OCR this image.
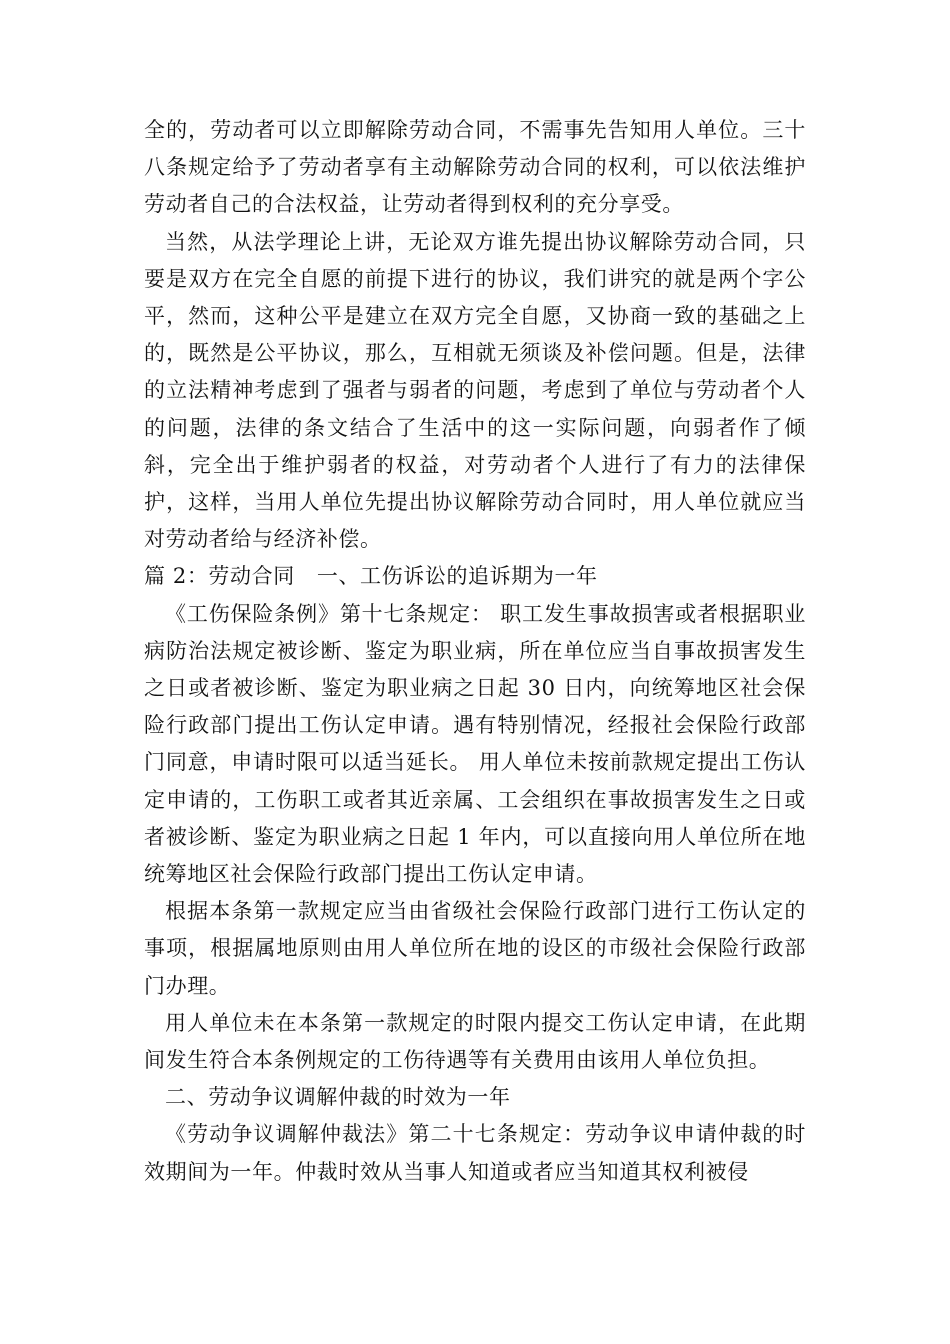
全的，劳动者可以立即解除劳动合同，不需事先告知用人单位。三十八条规定给予了劳动者享有主动解除劳动合同的权利，可以依法维护劳动者自己的合法权益，让劳动者得到权利的充分享受。

当然，从法学理论上讲，无论双方谁先提出协议解除劳动合同，只要是双方在完全自愿的前提下进行的协议，我们讲究的就是两个字公平，然而，这种公平是建立在双方完全自愿，又协商一致的基础之上的，既然是公平协议，那么，互相就无须谈及补偿问题。但是，法律的立法精神考虑到了强者与弱者的问题，考虑到了单位与劳动者个人的问题，法律的条文结合了生活中的这一实际问题，向弱者作了倾斜，完全出于维护弱者的权益，对劳动者个人进行了有力的法律保护，这样，当用人单位先提出协议解除劳动合同时，用人单位就应当对劳动者给与经济补偿。

篇 2：劳动合同 一、工伤诉讼的追诉期为一年

《工伤保险条例》第十七条规定： 职工发生事故损害或者根据职业病防治法规定被诊断、鉴定为职业病，所在单位应当自事故损害发生之日或者被诊断、鉴定为职业病之日起 30 日内，向统筹地区社会保险行政部门提出工伤认定申请。遇有特别情况，经报社会保险行政部门同意，申请时限可以适当延长。 用人单位未按前款规定提出工伤认定申请的，工伤职工或者其近亲属、工会组织在事故损害发生之日或者被诊断、鉴定为职业病之日起 1 年内，可以直接向用人单位所在地统筹地区社会保险行政部门提出工伤认定申请。

根据本条第一款规定应当由省级社会保险行政部门进行工伤认定的事项，根据属地原则由用人单位所在地的设区的市级社会保险行政部门办理。

用人单位未在本条第一款规定的时限内提交工伤认定申请，在此期间发生符合本条例规定的工伤待遇等有关费用由该用人单位负担。

二、劳动争议调解仲裁的时效为一年

《劳动争议调解仲裁法》第二十七条规定：劳动争议申请仲裁的时效期间为一年。仲裁时效从当事人知道或者应当知道其权利被侵
